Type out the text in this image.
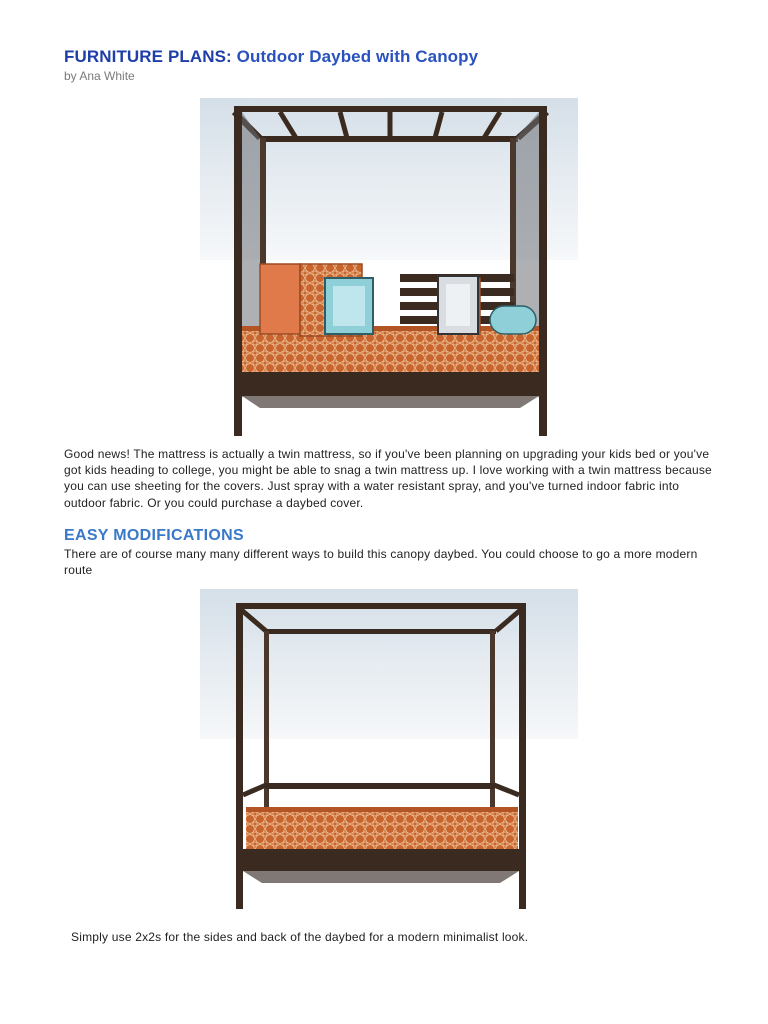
FURNITURE PLANS: Outdoor Daybed with Canopy
by Ana White
Good news! The mattress is actually a twin mattress, so if you've been planning on upgrading your kids bed or you've got kids heading to college, you might be able to snag a twin mattress up. I love working with a twin mattress because you can use sheeting for the covers. Just spray with a water resistant spray, and you've turned indoor fabric into outdoor fabric. Or you could purchase a daybed cover.
EASY MODIFICATIONS
There are of course many many different ways to build this canopy daybed. You could choose to go a more modern route
Simply use 2x2s for the sides and back of the daybed for a modern minimalist look.
